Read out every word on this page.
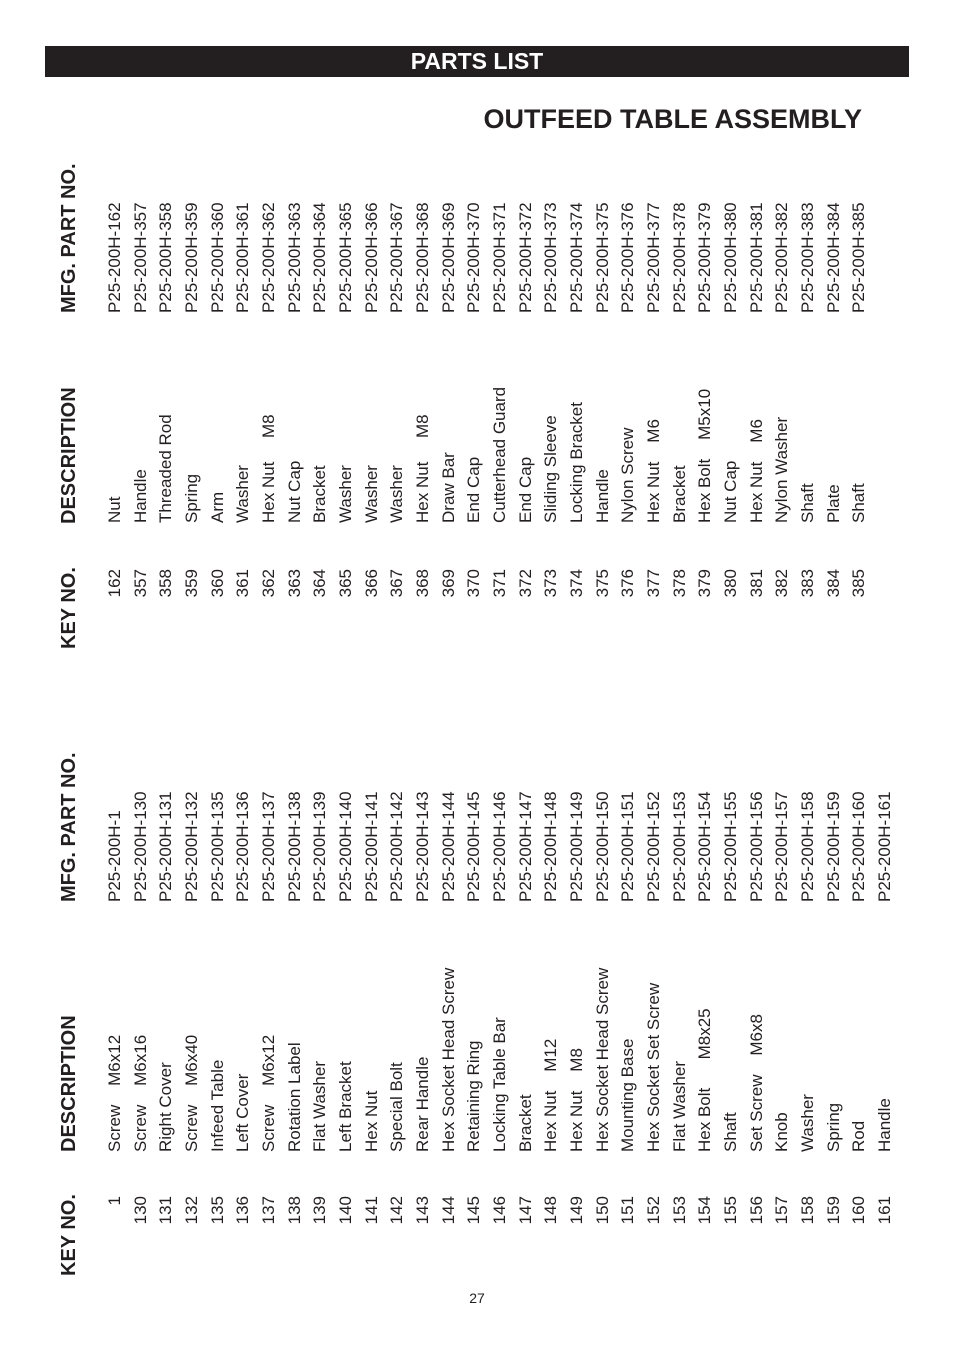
PARTS LIST
OUTFEED TABLE ASSEMBLY
KEY NO.
DESCRIPTION
MFG. PART NO.
KEY NO.
DESCRIPTION
MFG. PART NO.
1
Screw    M6x12
P25-200H-1
130
Screw    M6x16
P25-200H-130
131
Right Cover
P25-200H-131
132
Screw    M6x40
P25-200H-132
135
Infeed Table
P25-200H-135
136
Left Cover
P25-200H-136
137
Screw    M6x12
P25-200H-137
138
Rotation Label
P25-200H-138
139
Flat Washer
P25-200H-139
140
Left Bracket
P25-200H-140
141
Hex Nut
P25-200H-141
142
Special Bolt
P25-200H-142
143
Rear Handle
P25-200H-143
144
Hex Socket Head Screw
P25-200H-144
145
Retaining Ring
P25-200H-145
146
Locking Table Bar
P25-200H-146
147
Bracket
P25-200H-147
148
Hex Nut    M12
P25-200H-148
149
Hex Nut    M8
P25-200H-149
150
Hex Socket Head Screw
P25-200H-150
151
Mounting Base
P25-200H-151
152
Hex Socket Set Screw
P25-200H-152
153
Flat Washer
P25-200H-153
154
Hex Bolt      M8x25
P25-200H-154
155
Shaft
P25-200H-155
156
Set Screw    M6x8
P25-200H-156
157
Knob
P25-200H-157
158
Washer
P25-200H-158
159
Spring
P25-200H-159
160
Rod
P25-200H-160
161
Handle
P25-200H-161
162
Nut
P25-200H-162
357
Handle
P25-200H-357
358
Threaded Rod
P25-200H-358
359
Spring
P25-200H-359
360
Arm
P25-200H-360
361
Washer
P25-200H-361
362
Hex Nut     M8
P25-200H-362
363
Nut Cap
P25-200H-363
364
Bracket
P25-200H-364
365
Washer
P25-200H-365
366
Washer
P25-200H-366
367
Washer
P25-200H-367
368
Hex Nut     M8
P25-200H-368
369
Draw Bar
P25-200H-369
370
End Cap
P25-200H-370
371
Cutterhead Guard
P25-200H-371
372
End Cap
P25-200H-372
373
Sliding Sleeve
P25-200H-373
374
Locking Bracket
P25-200H-374
375
Handle
P25-200H-375
376
Nylon Screw
P25-200H-376
377
Hex Nut    M6
P25-200H-377
378
Bracket
P25-200H-378
379
Hex Bolt    M5x10
P25-200H-379
380
Nut Cap
P25-200H-380
381
Hex Nut    M6
P25-200H-381
382
Nylon Washer
P25-200H-382
383
Shaft
P25-200H-383
384
Plate
P25-200H-384
385
Shaft
P25-200H-385
27
